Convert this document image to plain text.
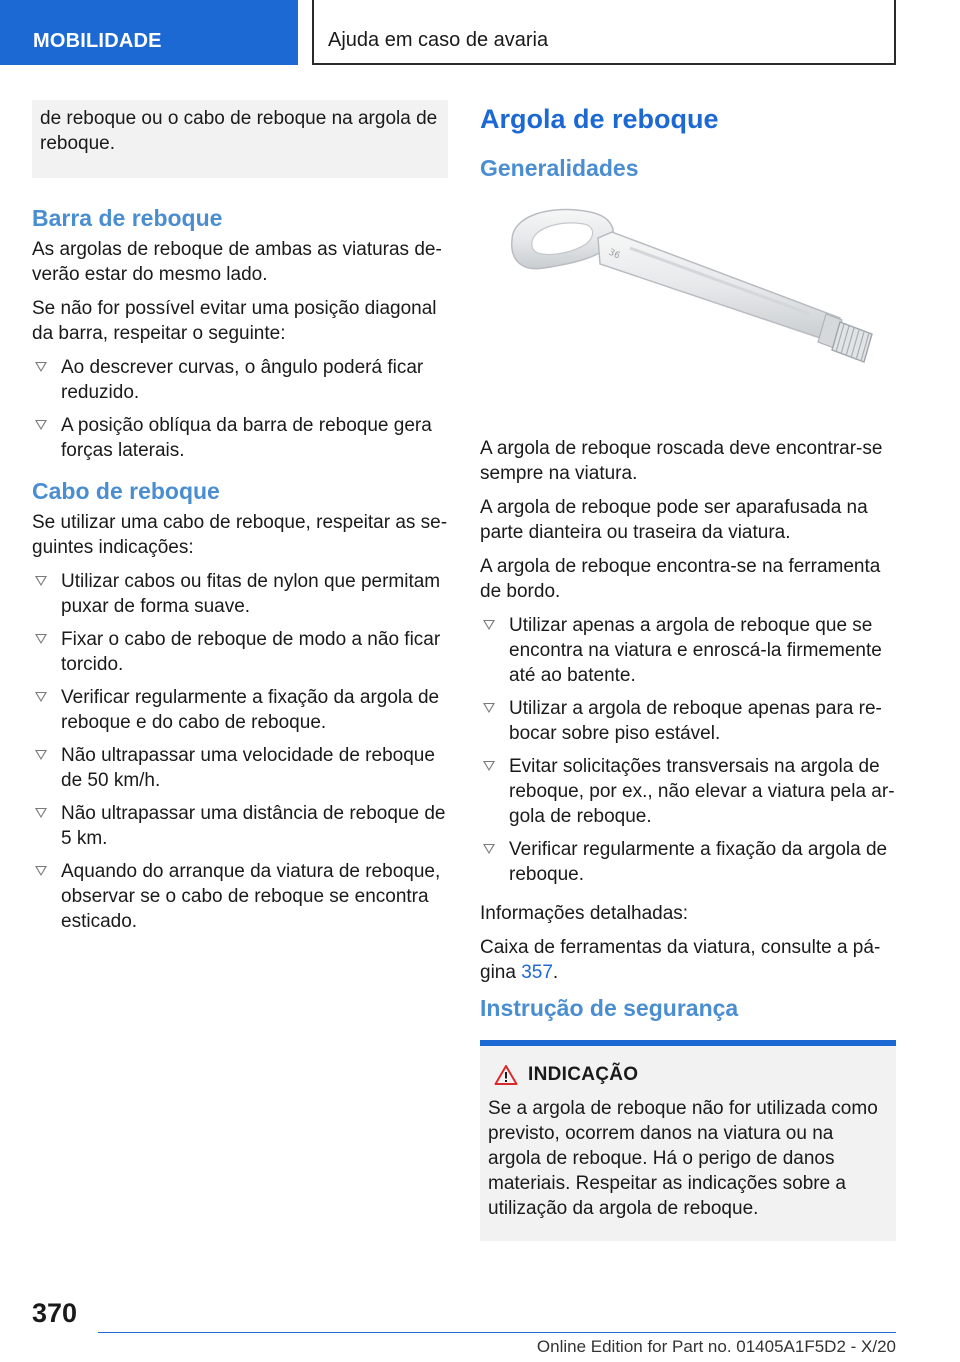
MOBILIDADE	Ajuda em caso de avaria

de reboque ou o cabo de reboque na argola de reboque.

Barra de reboque

As argolas de reboque de ambas as viaturas deverão estar do mesmo lado.

Se não for possível evitar uma posição diagonal da barra, respeitar o seguinte:

Ao descrever curvas, o ângulo poderá ficar reduzido.
A posição oblíqua da barra de reboque gera forças laterais.
Cabo de reboque

Se utilizar uma cabo de reboque, respeitar as seguintes indicações:

Utilizar cabos ou fitas de nylon que permitam puxar de forma suave.
Fixar o cabo de reboque de modo a não ficar torcido.
Verificar regularmente a fixação da argola de reboque e do cabo de reboque.
Não ultrapassar uma velocidade de reboque de 50 km/h.
Não ultrapassar uma distância de reboque de 5 km.
Aquando do arranque da viatura de reboque, observar se o cabo de reboque se encontra esticado.
Argola de reboque
Generalidades
36

A argola de reboque roscada deve encontrar-se sempre na viatura.

A argola de reboque pode ser aparafusada na parte dianteira ou traseira da viatura.

A argola de reboque encontra-se na ferramenta de bordo.

Utilizar apenas a argola de reboque que se encontra na viatura e enroscá-la firmemente até ao batente.
Utilizar a argola de reboque apenas para rebocar sobre piso estável.
Evitar solicitações transversais na argola de reboque, por ex., não elevar a viatura pela argola de reboque.
Verificar regularmente a fixação da argola de reboque.

Informações detalhadas:

Caixa de ferramentas da viatura, consulte a página 357.

Instrução de segurança
INDICAÇÃO

Se a argola de reboque não for utilizada como previsto, ocorrem danos na viatura ou na argola de reboque. Há o perigo de danos materiais. Respeitar as indicações sobre a utilização da argola de reboque.

370
Online Edition for Part no. 01405A1F5D2 - X/20
